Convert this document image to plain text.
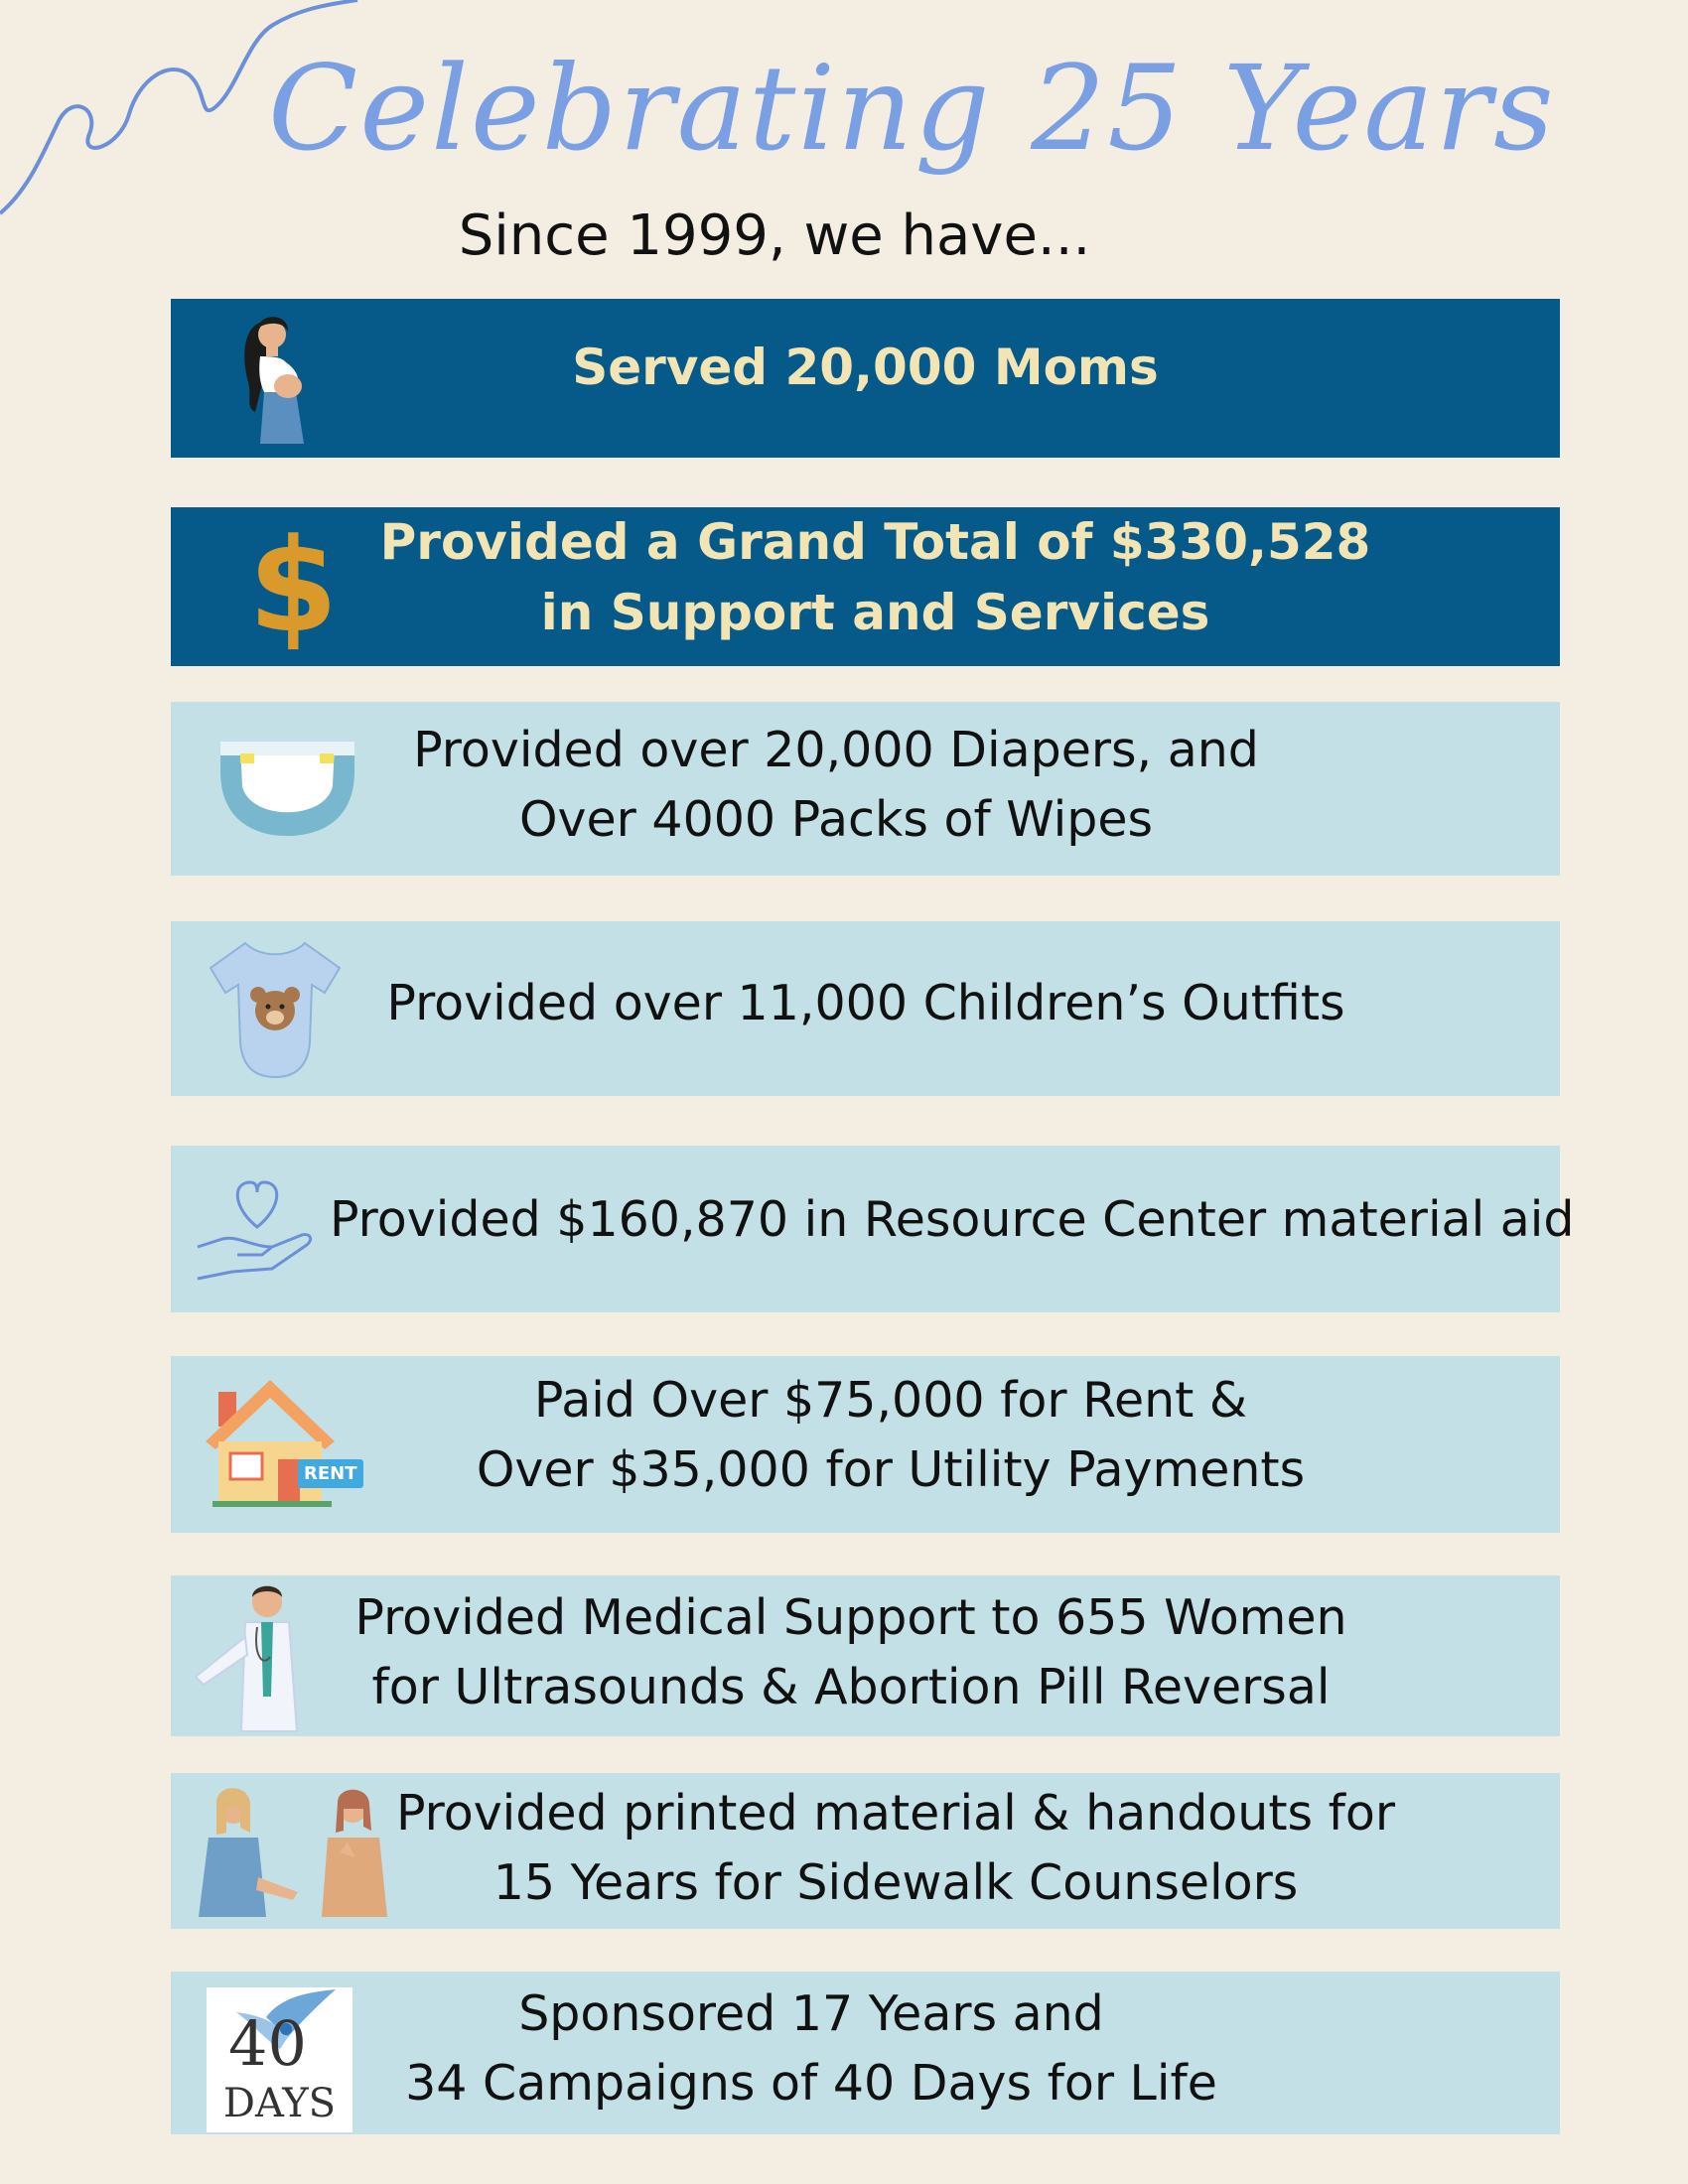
Celebrating 25 Years
Since 1999, we have...
Served 20,000 Moms
$ Provided a Grand Total of $330,528
in Support and Services
Provided over 20,000 Diapers, and
Over 4000 Packs of Wipes
Provided over 11,000 Children’s Outfits
Provided $160,870 in Resource Center material aid
RENT
Paid Over $75,000 for Rent &
Over $35,000 for Utility Payments
Provided Medical Support to 655 Women
for Ultrasounds & Abortion Pill Reversal
Provided printed material & handouts for
15 Years for Sidewalk Counselors
40
DAYS
Sponsored 17 Years and
34 Campaigns of 40 Days for Life
